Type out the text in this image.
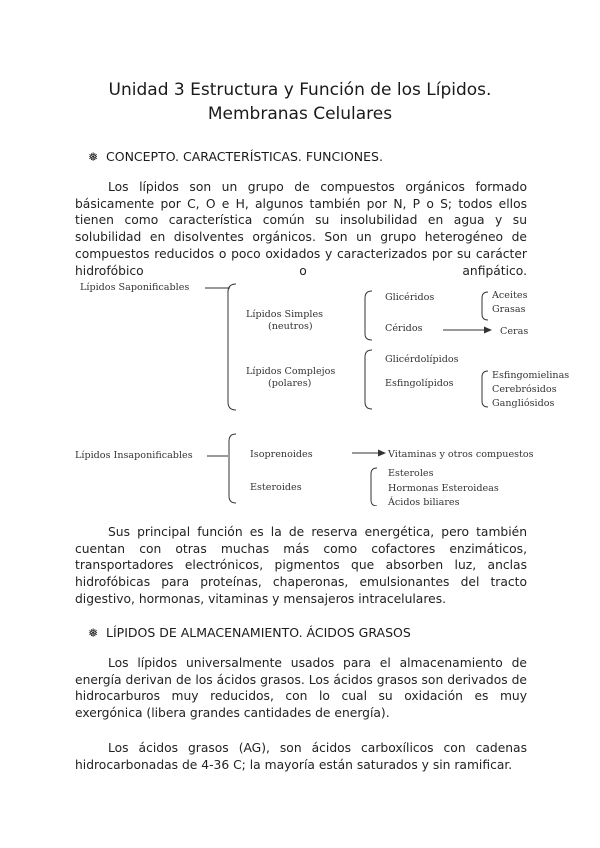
Unidad 3 Estructura y Función de los Lípidos.
Membranas Celulares
❅ CONCEPTO. CARACTERÍSTICAS. FUNCIONES.
Los lípidos son un grupo de compuestos orgánicos formado básicamente por C, O e H, algunos también por N, P o S; todos ellos tienen como característica común su insolubilidad en agua y su solubilidad en disolventes orgánicos. Son un grupo heterogéneo de compuestos reducidos o poco oxidados y caracterizados por su carácter hidrofóbico o anfipático.
Lípidos Saponificables
Lípidos Simples
(neutros)
Lípidos Complejos
(polares)
Glicéridos	Aceites
Grasas
Céridos	Ceras
Glicérdolípidos
Esfingolípidos
Esfingomielinas
Cerebrósidos
Gangliósidos
Lípidos Insaponificables	Isoprenoides	Vitaminas y otros compuestos
Esteroides
Esteroles
Hormonas Esteroideas
Ácidos biliares
Sus principal función es la de reserva energética, pero también cuentan con otras muchas más como cofactores enzimáticos, transportadores electrónicos, pigmentos que absorben luz, anclas hidrofóbicas para proteínas, chaperonas, emulsionantes del tracto digestivo, hormonas, vitaminas y mensajeros intracelulares.
❅ LÍPIDOS DE ALMACENAMIENTO. ÁCIDOS GRASOS
Los lípidos universalmente usados para el almacenamiento de energía derivan de los ácidos grasos. Los ácidos grasos son derivados de hidrocarburos muy reducidos, con lo cual su oxidación es muy exergónica (libera grandes cantidades de energía).
Los ácidos grasos (AG), son ácidos carboxílicos con cadenas hidrocarbonadas de 4-36 C; la mayoría están saturados y sin ramificar.
